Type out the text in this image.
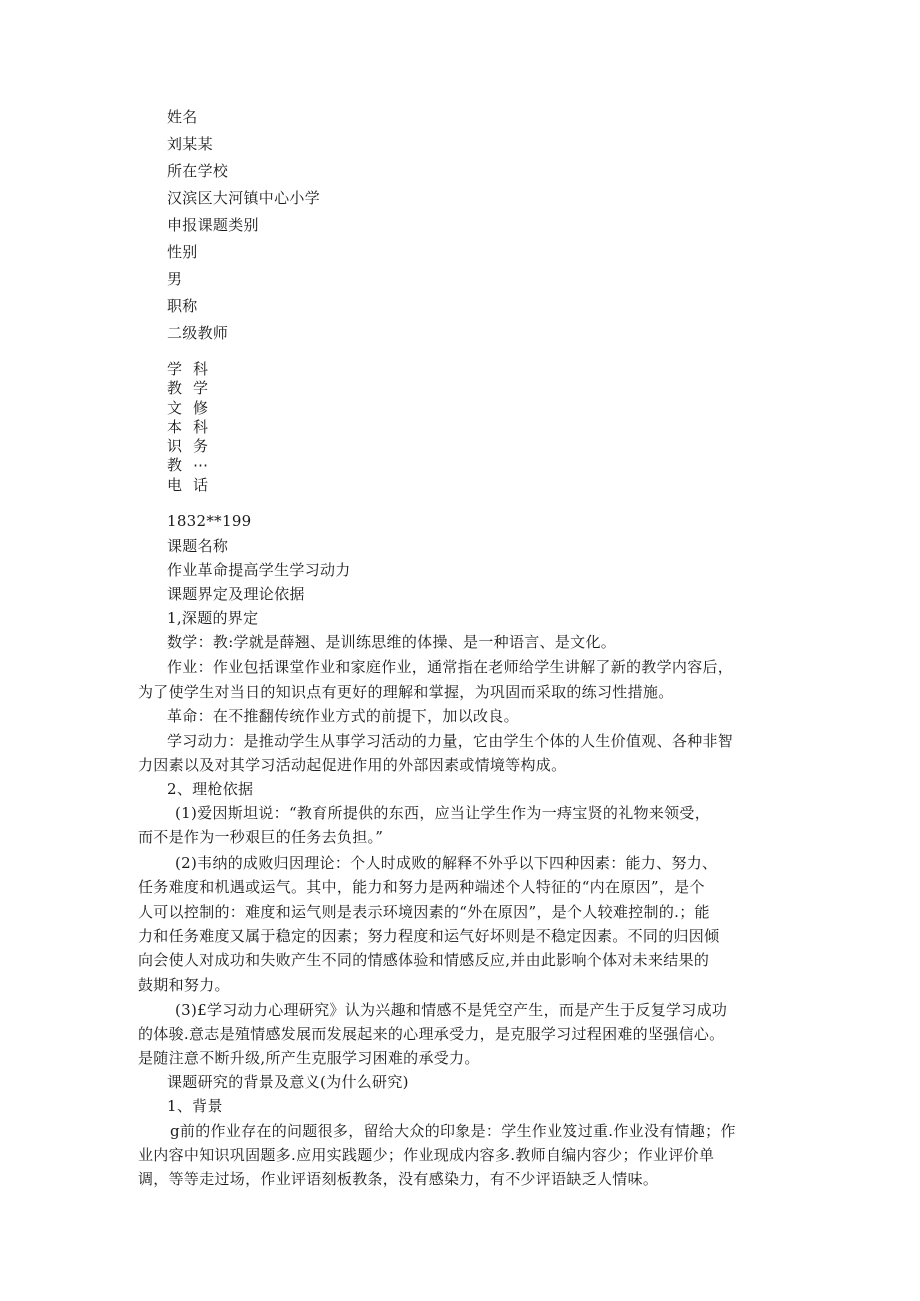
姓名
刘某某
所在学校
汉滨区大河镇中心小学
申报课题类别
性别
男
职称
二级教师
学 科
教 学
文 修
本 科
识 务
教 ⋯
电 话
1832**199
课题名称
作业革命提高学生学习动力
课题界定及理论依据
1,深题的界定
数学：教:学就是薛翘、是训练思维的体操、是一种语言、是文化。
作业：作业包括课堂作业和家庭作业，通常指在老师给学生讲解了新的教学内容后，
为了使学生对当日的知识点有更好的理解和掌握，为巩固而采取的练习性措施。
革命：在不推翻传统作业方式的前提下，加以改良。
学习动力：是推动学生从事学习活动的力量，它由学生个体的人生价值观、各种非智
力因素以及对其学习活动起促进作用的外部因素或情境等构成。
2、理枪依据
(1)爱因斯坦说：“教育所提供的东西，应当让学生作为一痔宝贤的礼物来领受，
而不是作为一秒艰巨的任务去负担。”
(2)韦纳的成败归因理论：个人时成败的解释不外乎以下四种因素：能力、努力、
任务难度和机遇或运气。其中，能力和努力是两种端述个人特征的“内在原因”，是个
人可以控制的：难度和运气则是表示环境因素的“外在原因”，是个人较难控制的.；能
力和任务难度又属于稳定的因素；努力程度和运气好坏则是不稳定因素。不同的归因倾
向会使人对成功和失败产生不同的情感体验和情感反应,并由此影响个体对未来结果的
鼓期和努力。
(3)£学习动力心理研究》认为兴趣和情感不是凭空产生，而是产生于反复学习成功
的体骏.意志是殖情感发展而发展起来的心理承受力，是克服学习过程困难的坚强信心。
是随注意不断升级,所产生克服学习困难的承受力。
课题研究的背景及意义(为什么研究)
1、背景
g前的作业存在的问题很多，留给大众的印象是：学生作业笈过重.作业没有情趣；作
业内容中知识巩固题多.应用实践题少；作业现成内容多.教师自编内容少；作业评价单
调，等等走过场，作业评语刻板教条，没有感染力，有不少评语缺乏人情味。
